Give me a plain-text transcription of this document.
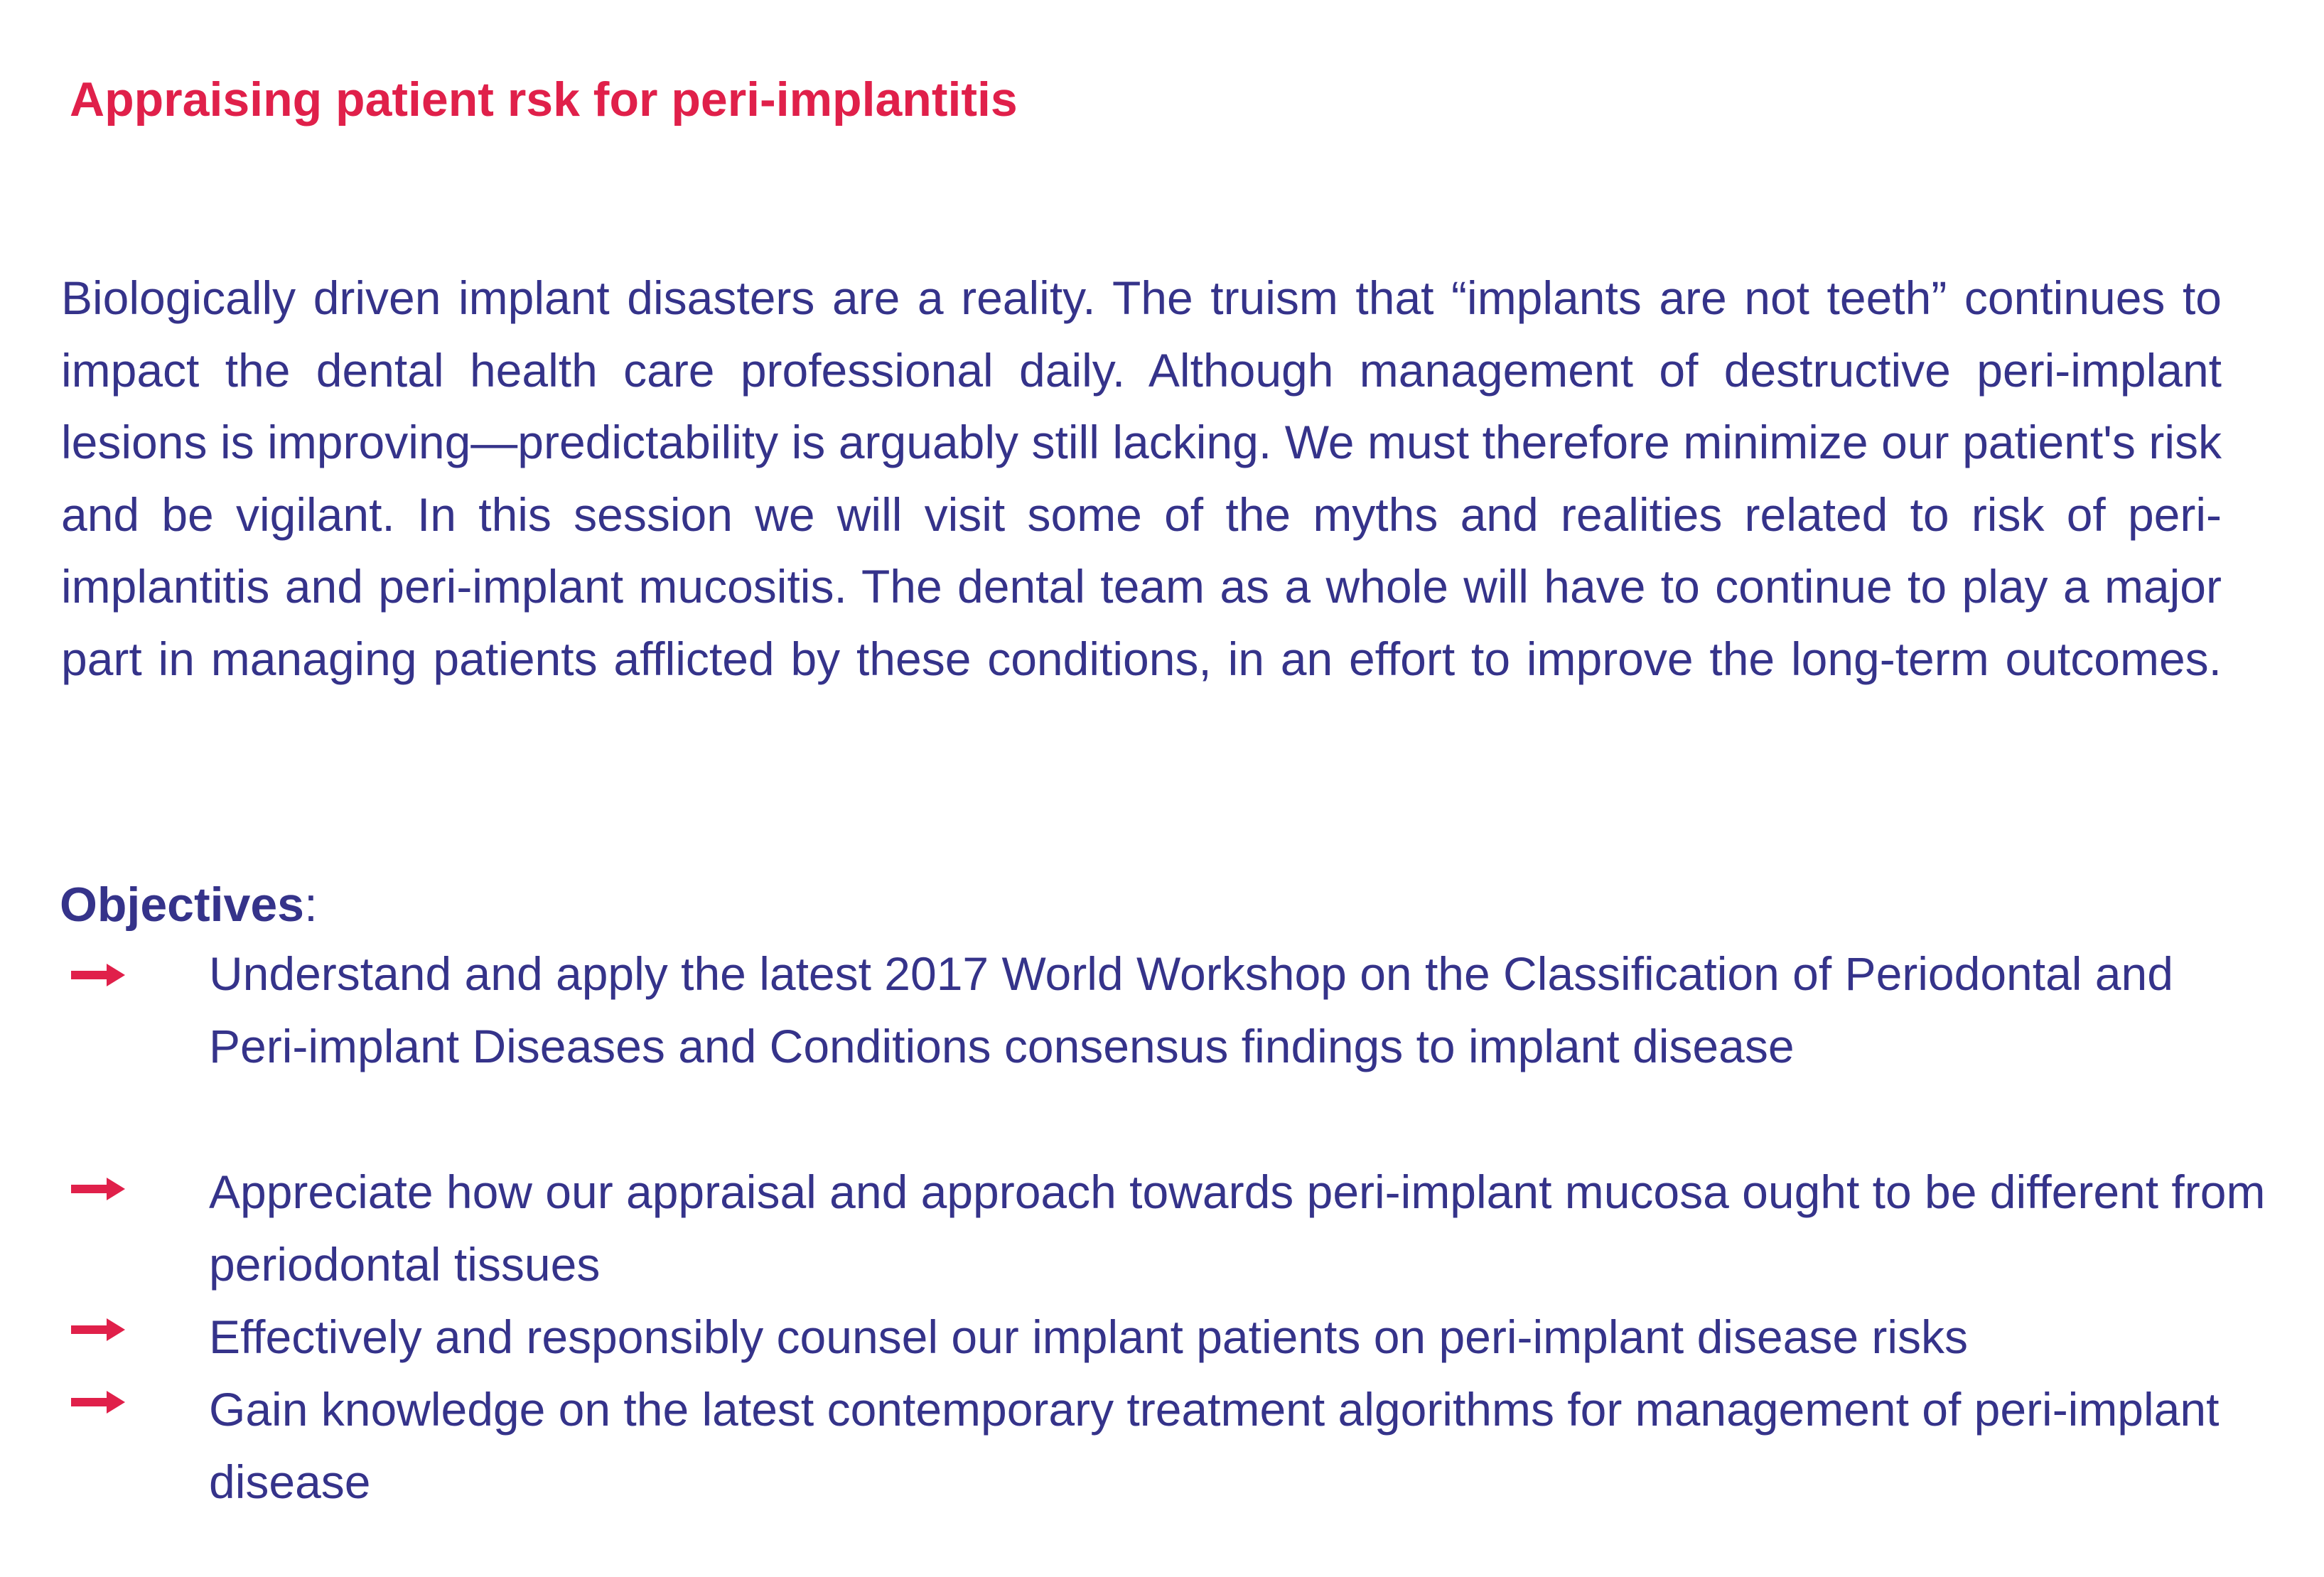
Appraising patient rsk for peri-implantitis

Biologically driven implant disasters are a reality. The truism that “implants are not teeth” continues to impact the dental health care professional daily. Although management of destructive peri-implant lesions is improving—predictability is arguably still lacking. We must therefore minimize our patient's risk and be vigilant. In this session we will visit some of the myths and realities related to risk of peri-implantitis and peri-implant mucositis. The dental team as a whole will have to continue to play a major part in managing patients afflicted by these conditions, in an effort to improve the long-term outcomes.

Objectives:

Understand and apply the latest 2017 World Workshop on the Classification of Periodontal and Peri-implant Diseases and Conditions consensus findings to implant disease

Appreciate how our appraisal and approach towards peri-implant mucosa ought to be different from periodontal tissues

Effectively and responsibly counsel our implant patients on peri-implant disease risks

Gain knowledge on the latest contemporary treatment algorithms for management of peri-implant disease
